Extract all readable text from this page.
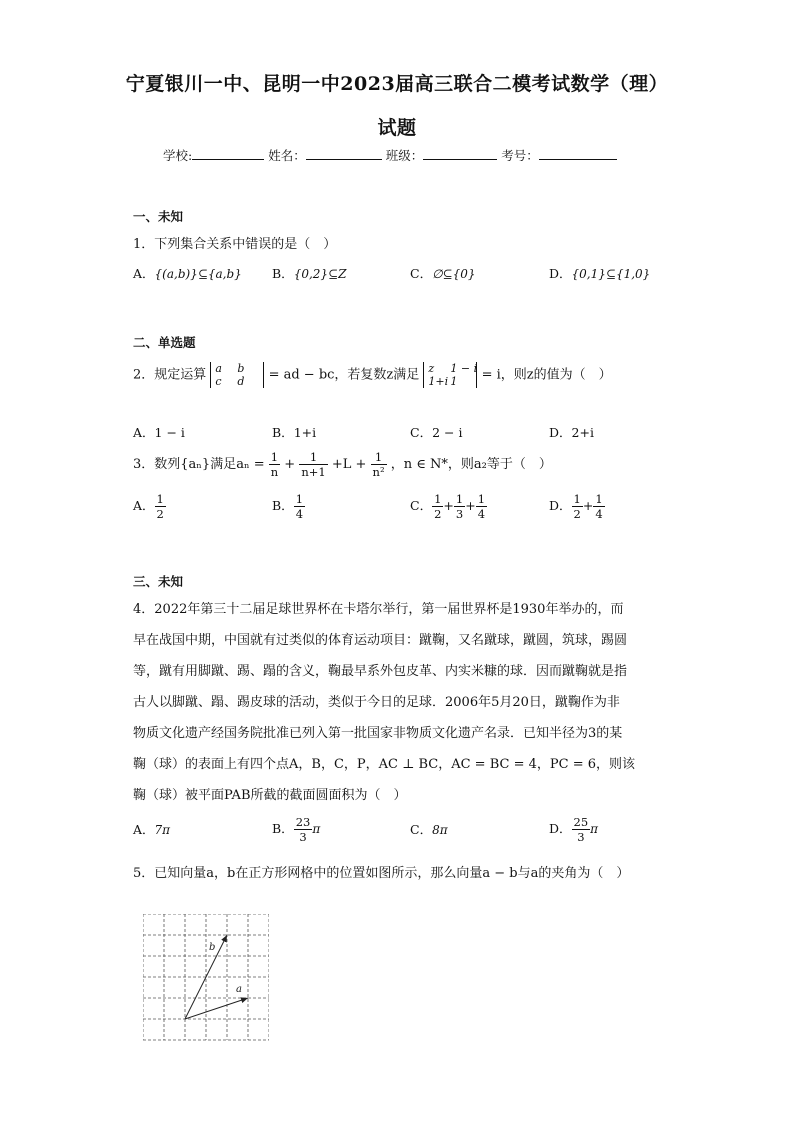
宁夏银川一中、昆明一中2023届高三联合二模考试数学（理）
试题
学校:	姓名：	班级：	考号：
一、未知
1．下列集合关系中错误的是（　）
A．{(a,b)}⊆{a,b} B．{0,2}⊆Z	C．∅⊆{0}	D．{0,1}⊆{1,0}
二、单选题
2．规定运算 a b
c d	= ad − bc，若复数z满足 z 1 − i
1+i 1	= i，则z的值为（　）
A．1 − i	B．1+i	C．2 − i	D．2+i
3．数列{aₙ}满足$a_n = \frac{1}{n} + \frac{1}{n+1} +L + \frac{1}{\text{n²}}$ ，n ∈ N*，则a₂等于（　）
A． $\frac{1}{2}$	B． $\frac{1}{4}$	C． $\frac{1}{2} + \frac{1}{3} + \frac{1}{4}$	D． $\frac{1}{2} + \frac{1}{4}$
三、未知
4．2022年第三十二届足球世界杯在卡塔尔举行，第一届世界杯是1930年举办的，而
早在战国中期，中国就有过类似的体育运动项目：蹴鞠，又名蹴球，蹴圆，筑球，踢圆
等，蹴有用脚蹴、踢、蹋的含义，鞠最早系外包皮革、内实米糠的球．因而蹴鞠就是指
古人以脚蹴、蹋、踢皮球的活动，类似于今日的足球．2006年5月20日，蹴鞠作为非
物质文化遗产经国务院批准已列入第一批国家非物质文化遗产名录．已知半径为3的某
鞠（球）的表面上有四个点A，B，C，P，AC ⊥ BC，AC = BC = 4，PC = 6，则该
鞠（球）被平面PAB所截的截面圆面积为（　）
A．7π	B． $\frac{23}{3}$ π	C．8π	D． $\frac{25}{3}$ π
5．已知向量a，b在正方形网格中的位置如图所示，那么向量a − b与a的夹角为（　）
b
a
